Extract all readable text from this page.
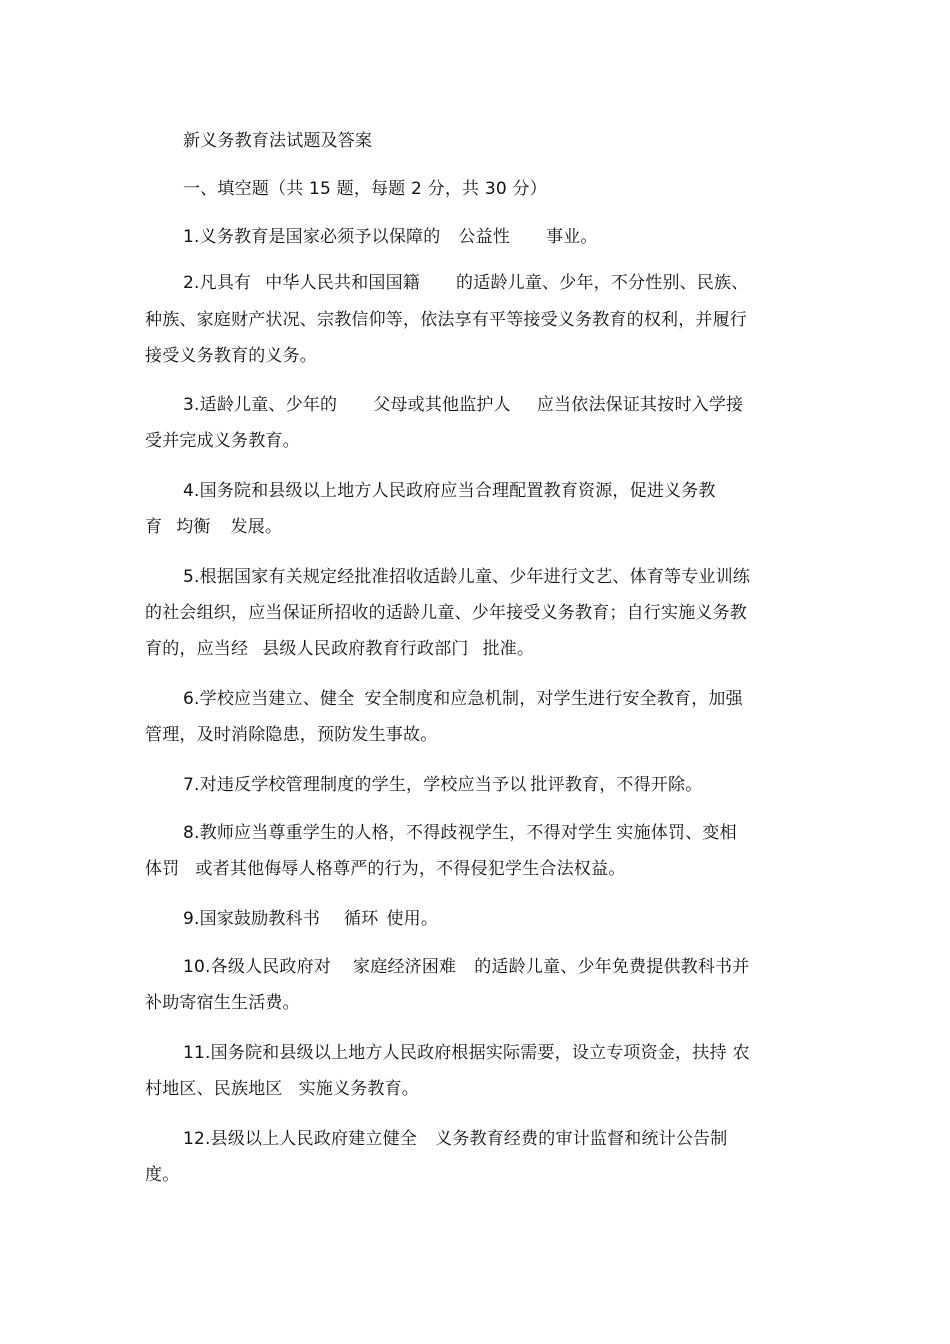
新义务教育法试题及答案
一、填空题（共 15 题，每题 2 分，共 30 分）
1.义务教育是国家必须予以保障的 公益性 事业。
2.凡具有 中华人民共和国国籍 的适龄儿童、少年，不分性别、民族、
种族、家庭财产状况、宗教信仰等，依法享有平等接受义务教育的权利，并履行
接受义务教育的义务。
3.适龄儿童、少年的 父母或其他监护人 应当依法保证其按时入学接
受并完成义务教育。
4.国务院和县级以上地方人民政府应当合理配置教育资源，促进义务教
育 均衡 发展。
5.根据国家有关规定经批准招收适龄儿童、少年进行文艺、体育等专业训练
的社会组织，应当保证所招收的适龄儿童、少年接受义务教育；自行实施义务教
育的，应当经 县级人民政府教育行政部门 批准。
6.学校应当建立、健全 安全制度和应急机制，对学生进行安全教育，加强
管理，及时消除隐患，预防发生事故。
7.对违反学校管理制度的学生，学校应当予以 批评教育，不得开除。
8.教师应当尊重学生的人格，不得歧视学生，不得对学生 实施体罚、变相
体罚 或者其他侮辱人格尊严的行为，不得侵犯学生合法权益。
9.国家鼓励教科书 循环 使用。
10.各级人民政府对 家庭经济困难 的适龄儿童、少年免费提供教科书并
补助寄宿生生活费。
11.国务院和县级以上地方人民政府根据实际需要，设立专项资金，扶持 农
村地区、民族地区 实施义务教育。
12.县级以上人民政府建立健全 义务教育经费的审计监督和统计公告制
度。
